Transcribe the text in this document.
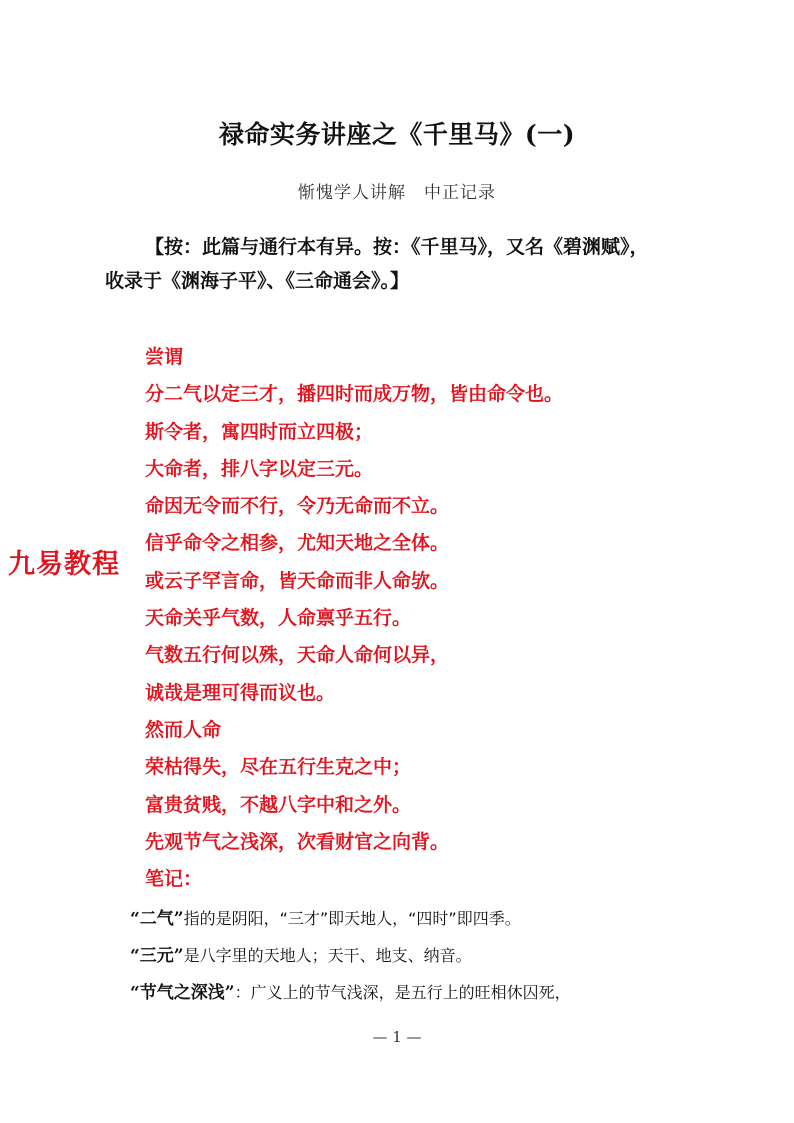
禄命实务讲座之《千里马》(一)
惭愧学人讲解　中正记录
【按：此篇与通行本有异。按：《千里马》，又名《碧渊赋》，
收录于《渊海子平》、《三命通会》。】
尝谓
分二气以定三才，播四时而成万物，皆由命令也。
斯令者，寓四时而立四极；
大命者，排八字以定三元。
命因无令而不行，令乃无命而不立。
信乎命令之相参，尤知天地之全体。
或云子罕言命，皆天命而非人命欤。
天命关乎气数，人命禀乎五行。
气数五行何以殊，天命人命何以异，
诚哉是理可得而议也。
然而人命
荣枯得失，尽在五行生克之中；
富贵贫贱，不越八字中和之外。
先观节气之浅深，次看财官之向背。
笔记：
“二气”指的是阴阳，“三才”即天地人，“四时”即四季。
“三元”是八字里的天地人；天干、地支、纳音。
“节气之深浅”：广义上的节气浅深，是五行上的旺相休囚死，
— 1 —
九易教程
